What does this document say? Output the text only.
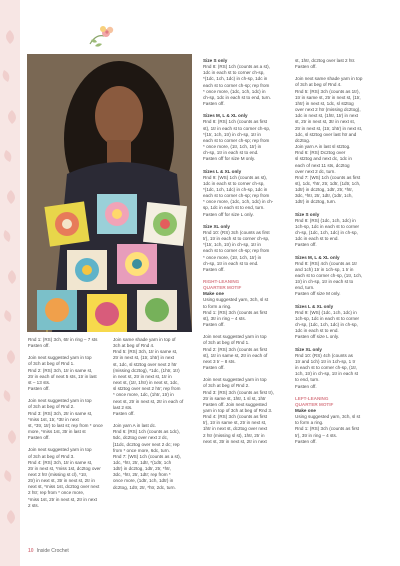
Rnd 1: (RS) 3ch, 6tr in ring – 7 sts
Fasten off.

Join next suggested yarn in top
of 3ch at beg of Rnd 1.
Rnd 2: (RS) 3ch, 1tr in same st,
2tr in each of next 5 sts, 1tr in last
st – 13 sts.
Fasten off.

Join next suggested yarn in top
of 3ch at beg of Rnd 2.
Rnd 3: (RS) 3ch, 2tr in same st,
*miss 1st, 1tr, *3tr in next
st, *3tr, 1tr) to last st; rep from * once
more, *miss 1st, 3tr in last st
Fasten off.

Join next suggested yarn in top
of 3ch at beg of Rnd 3.
Rnd 4: (RS) 3ch, 1tr in same st,
2tr in next st, *miss 1st, dc2tog over
next 2 htr (missing st cl), *1tr,
2tr) in next st, 3tr in next st, 2tr in
next st, *miss 1st, dc2tog over next
2 htr; rep from * once more,
*miss 1st, 2tr in next st, 2tr in next
2 sts.

Join same shade yarn in top of
3ch at beg of Rnd 4.
Rnd 5: (RS) 3ch, 1tr in same st,
2tr in next st, (1tr, 1htr) in next
st, 1dc, sl st2tog over next 2 htr
(missing dc2tog), *1dc, (1htr, 1tr)
in next st, 2tr in next st, 1tr in
next st, (1tr, 1htr) in next st, 1dc,
sl st2tog over next 2 htr; rep from
* once more, 1dc, (1htr, 1tr) in
next st, 2tr in next st, 2tr in each of
last 2 sts.
Fasten off.

Join yarn A in last dc.
Rnd 6: (RS) 1ch (counts as 1dc),
5dc, dc2tog over next 2 dc,
[11dc, dc2tog over next 2 dc; rep
from * once more, 6dc, turn.
Rnd 7: (WS) 1ch (counts as a st),
1dc, *htr, 2tr, 1dtr, *(1dtr, 1ch
1dtr) in dc2tog, 1dtr, 2tr, *htr,
3dc, *htr, 2tr, 1dtr; rep from *
once more, (1dtr, 1ch, 1dtr) in
dc2tog, 1dtr, 2tr, *htr, 2dc, turn.

Size S only

Rnd 8: (RS) 1ch (counts as a st),
1dc in each st to corner ch-sp,
*(1dc, 1ch, 1dc) in ch-sp, 1dc in
each st to corner ch-sp; rep from
* once more, (1dc, 1ch, 1dc) in
ch-sp, 1dc in each st to end, turn.
Fasten off.

Sizes M, L & XL only

Rnd 8: (RS) 1ch (counts as first
st), 1tr in each st to corner ch-sp,
*(1tr, 1ch, 1tr) in ch-sp, 1tr in
each st to corner ch-sp; rep from
* once more, (1tr, 1ch, 1tr) in
ch-sp, 1tr in each st to end.
Fasten off for size M only.

Sizes L & XL only

Rnd 9: (WS) 1ch (counts as st),
1dc in each st to corner ch-sp,
*(1dc, 1ch, 1dc) in ch-sp, 1dc in
each st to corner ch-sp; rep from
* once more, (1dc, 1ch, 1dc) in ch-
sp, 1dc in each st to end, turn.
Fasten off for size L only.

Size XL only

Rnd 10: (RS) 3ch (counts as first
tr), 1tr in each st to corner ch-sp,
*(1tr, 1ch, 1tr) in ch-sp, 1tr in
each st to corner ch-sp; rep from
* once more, (1tr, 1ch, 1tr) in
ch-sp, 1tr in each st to end.
Fasten off.

RIGHT-LEANING
QUARTER MOTIF

Make one

Using suggested yarn, 3ch, sl st
to form a ring.
Rnd 1: (RS) 3ch (counts as first
st), 3tr in ring – 4 sts.
Fasten off.

Join next suggested yarn in top
of 3ch at beg of Rnd 1.
Rnd 2: (RS) 3ch (counts as first
st), 1tr in same st, 2tr in each of
next 3 tr – 8 sts.
Fasten off.

Join next suggested yarn in top
of 3ch at beg of Rnd 2.
Rnd 3: (RS) 3ch (counts as first tr),
2tr in same st, 1htr, 1 sl st, 1htr
Fasten off. Join next suggested
yarn in top of 3ch at beg of Rnd 3.
Rnd 4: (RS) 3ch (counts as first
tr), 1tr in same st, 2tr in next st,
1htr in next st, dc2tog over next
2 htr (missing sl st), 1htr, 2tr in
next st, 3tr in next st, 2tr in next

st, 1htr, dc2tog over last 2 htr.
Fasten off.

Join next same shade yarn in top
of 3ch at beg of Rnd 4.
Rnd 5: (RS) 3ch (counts as 1tr),
1tr in same st, 2tr in next st, (1tr,
1htr) in next st, 1dc, sl st2tog
over next 2 htr (missing dc2tog),
1dc in next st, (1htr, 1tr) in next
st, 2tr in next st, 3tr in next st,
2tr in next st, (1tr, 1htr) in next st,
1dc, sl st2tog over last htr and
dc2tog.
Join yarn A in last sl st2tog.
Rnd 6: (RS) Dc2tog over
sl st2tog and next dc, 1dc in
each of next 11 sts, dc2tog
over next 2 dc, turn.
Rnd 7: (WS) 1ch (counts as first
st), 1dc, *htr, 2tr, 1dtr, (1dtr, 1ch,
1dtr) in dc2tog, 1dtr, 2tr, *htr,
3dc, *htr, 2tr, 1dtr, (1dtr, 1ch,
1dtr) in dc2tog, turn.

Size S only

Rnd 8: (RS) (1dc, 1ch, 1dc) in
1ch-sp, 1dc in each st to corner
ch-sp, (1dc, 1ch, 1dc) in ch-sp,
1dc in each st to end.
Fasten off.

Sizes M, L & XL only

Rnd 8: (RS) 4ch (counts as 1tr
and 1ch) 1tr in 1ch-sp, 1 tr in
each st to corner ch-sp, (1tr, 1ch,
1tr) in ch-sp, 1tr in each st to
end, turn.
Fasten off size M only.

Sizes L & XL only

Rnd 9: (WS) (1dc, 1ch, 1dc) in
1ch-sp, 1dc in each st to corner
ch-sp, (1dc, 1ch, 1dc) in ch-sp,
1dc in each st to end.
Fasten off size L only.

Size XL only

Rnd 10: (RS) 4ch (counts as
1tr and 1ch) 1tr in 1ch-sp, 1 tr
in each st to corner ch-sp, (1tr,
1ch, 1tr) in ch-sp, 1tr in each st
to end, turn.
Fasten off.

LEFT-LEANING
QUARTER MOTIF

Make one

Using suggested yarn, 3ch, sl st
to form a ring.
Rnd 1: (RS) 3ch (counts as first
tr), 3tr in ring – 4 sts.
Fasten off.

10 Inside Crochet
